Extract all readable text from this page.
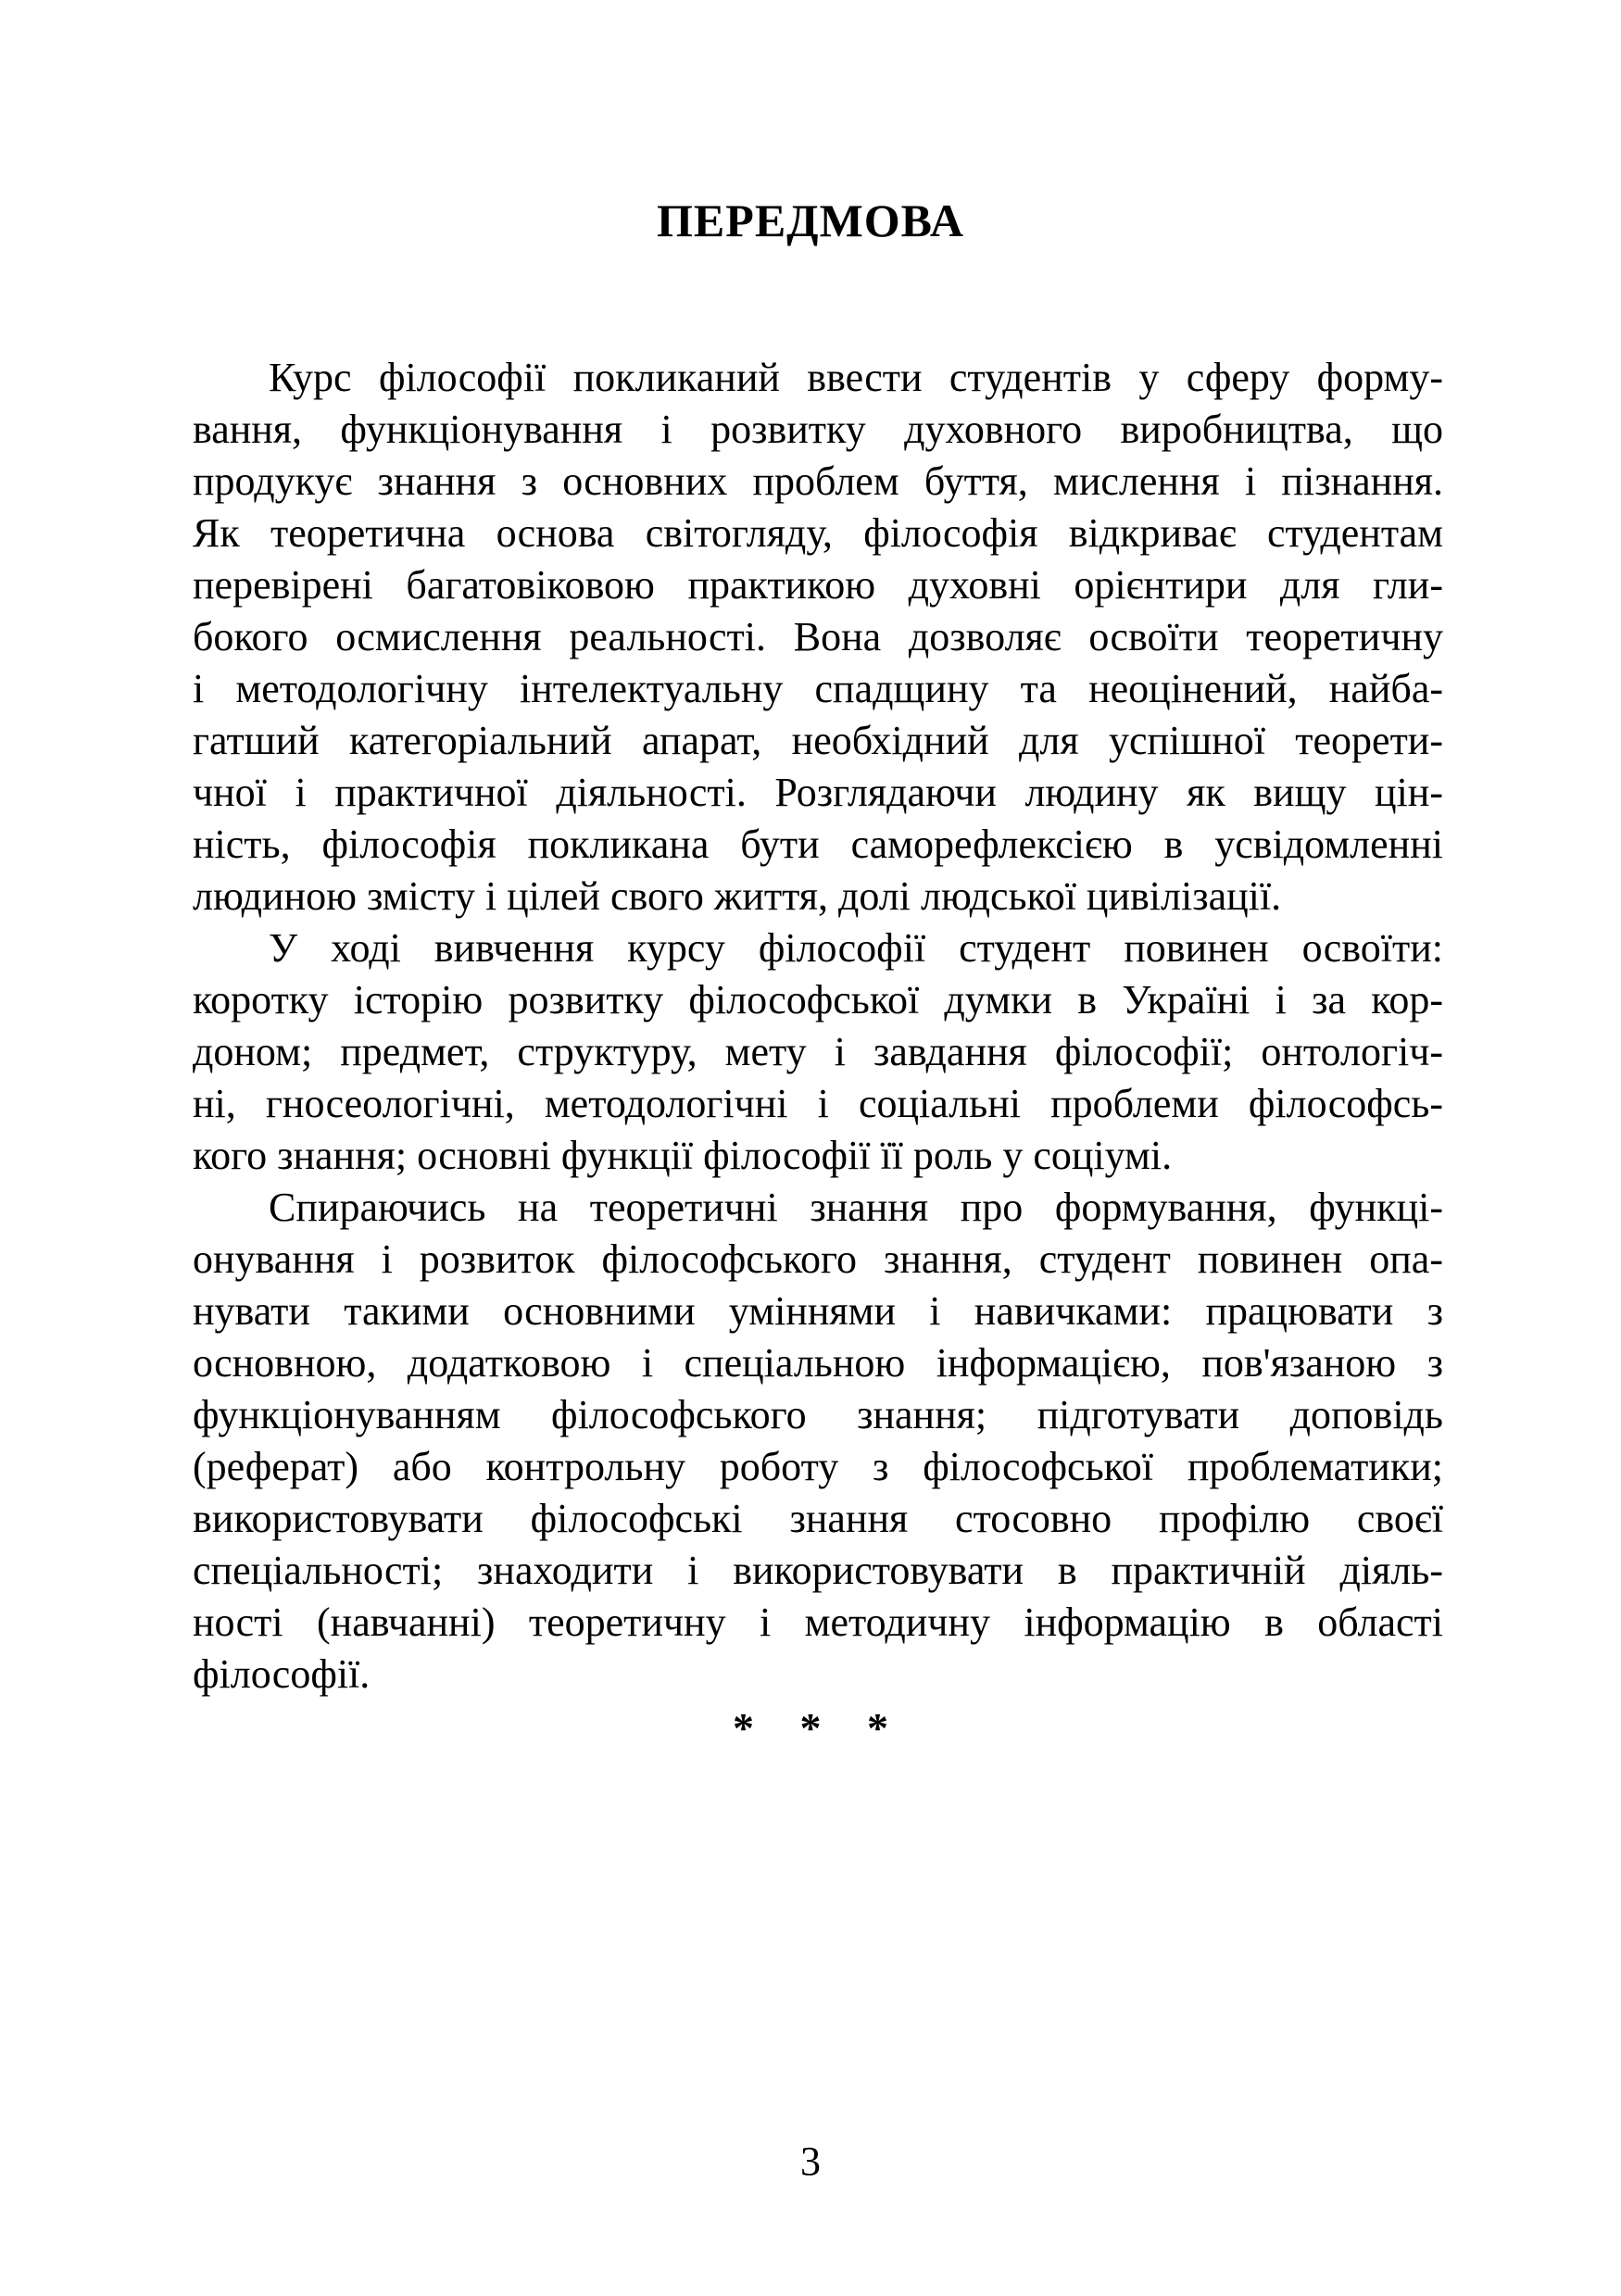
ПЕРЕДМОВА
Курс філософії покликаний ввести студентів у сферу форму-
вання, функціонування і розвитку духовного виробництва, що
продукує знання з основних проблем буття, мислення і пізнання.
Як теоретична основа світогляду, філософія відкриває студентам
перевірені багатовіковою практикою духовні орієнтири для гли-
бокого осмислення реальності. Вона дозволяє освоїти теоретичну
і методологічну інтелектуальну спадщину та неоцінений, найба-
гатший категоріальний апарат, необхідний для успішної теорети-
чної і практичної діяльності. Розглядаючи людину як вищу цін-
ність, філософія покликана бути саморефлексією в усвідомленні
людиною змісту і цілей свого життя, долі людської цивілізації.
У ході вивчення курсу філософії студент повинен освоїти:
коротку історію розвитку філософської думки в Україні і за кор-
доном; предмет, структуру, мету і завдання філософії; онтологіч-
ні, гносеологічні, методологічні і соціальні проблеми філософсь-
кого знання; основні функції філософії її роль у соціумі.
Спираючись на теоретичні знання про формування, функці-
онування і розвиток філософського знання, студент повинен опа-
нувати такими основними уміннями і навичками: працювати з
основною, додатковою і спеціальною інформацією, пов'язаною з
функціонуванням філософського знання; підготувати доповідь
(реферат) або контрольну роботу з філософської проблематики;
використовувати філософські знання стосовно профілю своєї
спеціальності; знаходити і використовувати в практичній діяль-
ності (навчанні) теоретичну і методичну інформацію в області
філософії.
* * *
3
